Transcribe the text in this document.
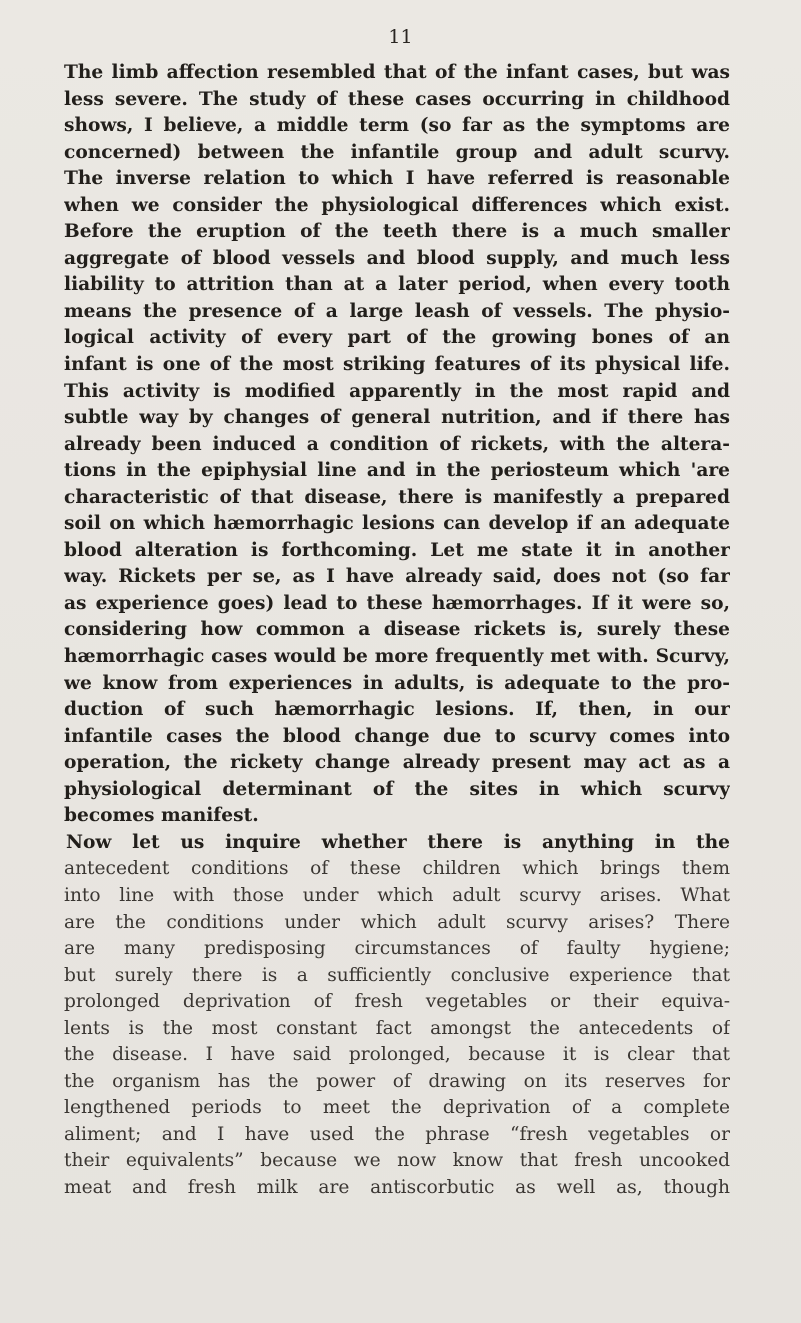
11
The limb affection resembled that of the infant cases, but was
less severe. The study of these cases occurring in childhood
shows, I believe, a middle term (so far as the symptoms are
concerned) between the infantile group and adult scurvy.
The inverse relation to which I have referred is reasonable
when we consider the physiological differences which exist.
Before the eruption of the teeth there is a much smaller
aggregate of blood vessels and blood supply, and much less
liability to attrition than at a later period, when every tooth
means the presence of a large leash of vessels. The physio-
logical activity of every part of the growing bones of an
infant is one of the most striking features of its physical life.
This activity is modified apparently in the most rapid and
subtle way by changes of general nutrition, and if there has
already been induced a condition of rickets, with the altera-
tions in the epiphysial line and in the periosteum which 'are
characteristic of that disease, there is manifestly a prepared
soil on which hæmorrhagic lesions can develop if an adequate
blood alteration is forthcoming. Let me state it in another
way. Rickets per se, as I have already said, does not (so far
as experience goes) lead to these hæmorrhages. If it were so,
considering how common a disease rickets is, surely these
hæmorrhagic cases would be more frequently met with. Scurvy,
we know from experiences in adults, is adequate to the pro-
duction of such hæmorrhagic lesions. If, then, in our
infantile cases the blood change due to scurvy comes into
operation, the rickety change already present may act as a
physiological determinant of the sites in which scurvy
becomes manifest.
Now let us inquire whether there is anything in the
antecedent conditions of these children which brings them
into line with those under which adult scurvy arises. What
are the conditions under which adult scurvy arises? There
are many predisposing circumstances of faulty hygiene;
but surely there is a sufficiently conclusive experience that
prolonged deprivation of fresh vegetables or their equiva-
lents is the most constant fact amongst the antecedents of
the disease. I have said prolonged, because it is clear that
the organism has the power of drawing on its reserves for
lengthened periods to meet the deprivation of a complete
aliment; and I have used the phrase “fresh vegetables or
their equivalents” because we now know that fresh uncooked
meat and fresh milk are antiscorbutic as well as, though
